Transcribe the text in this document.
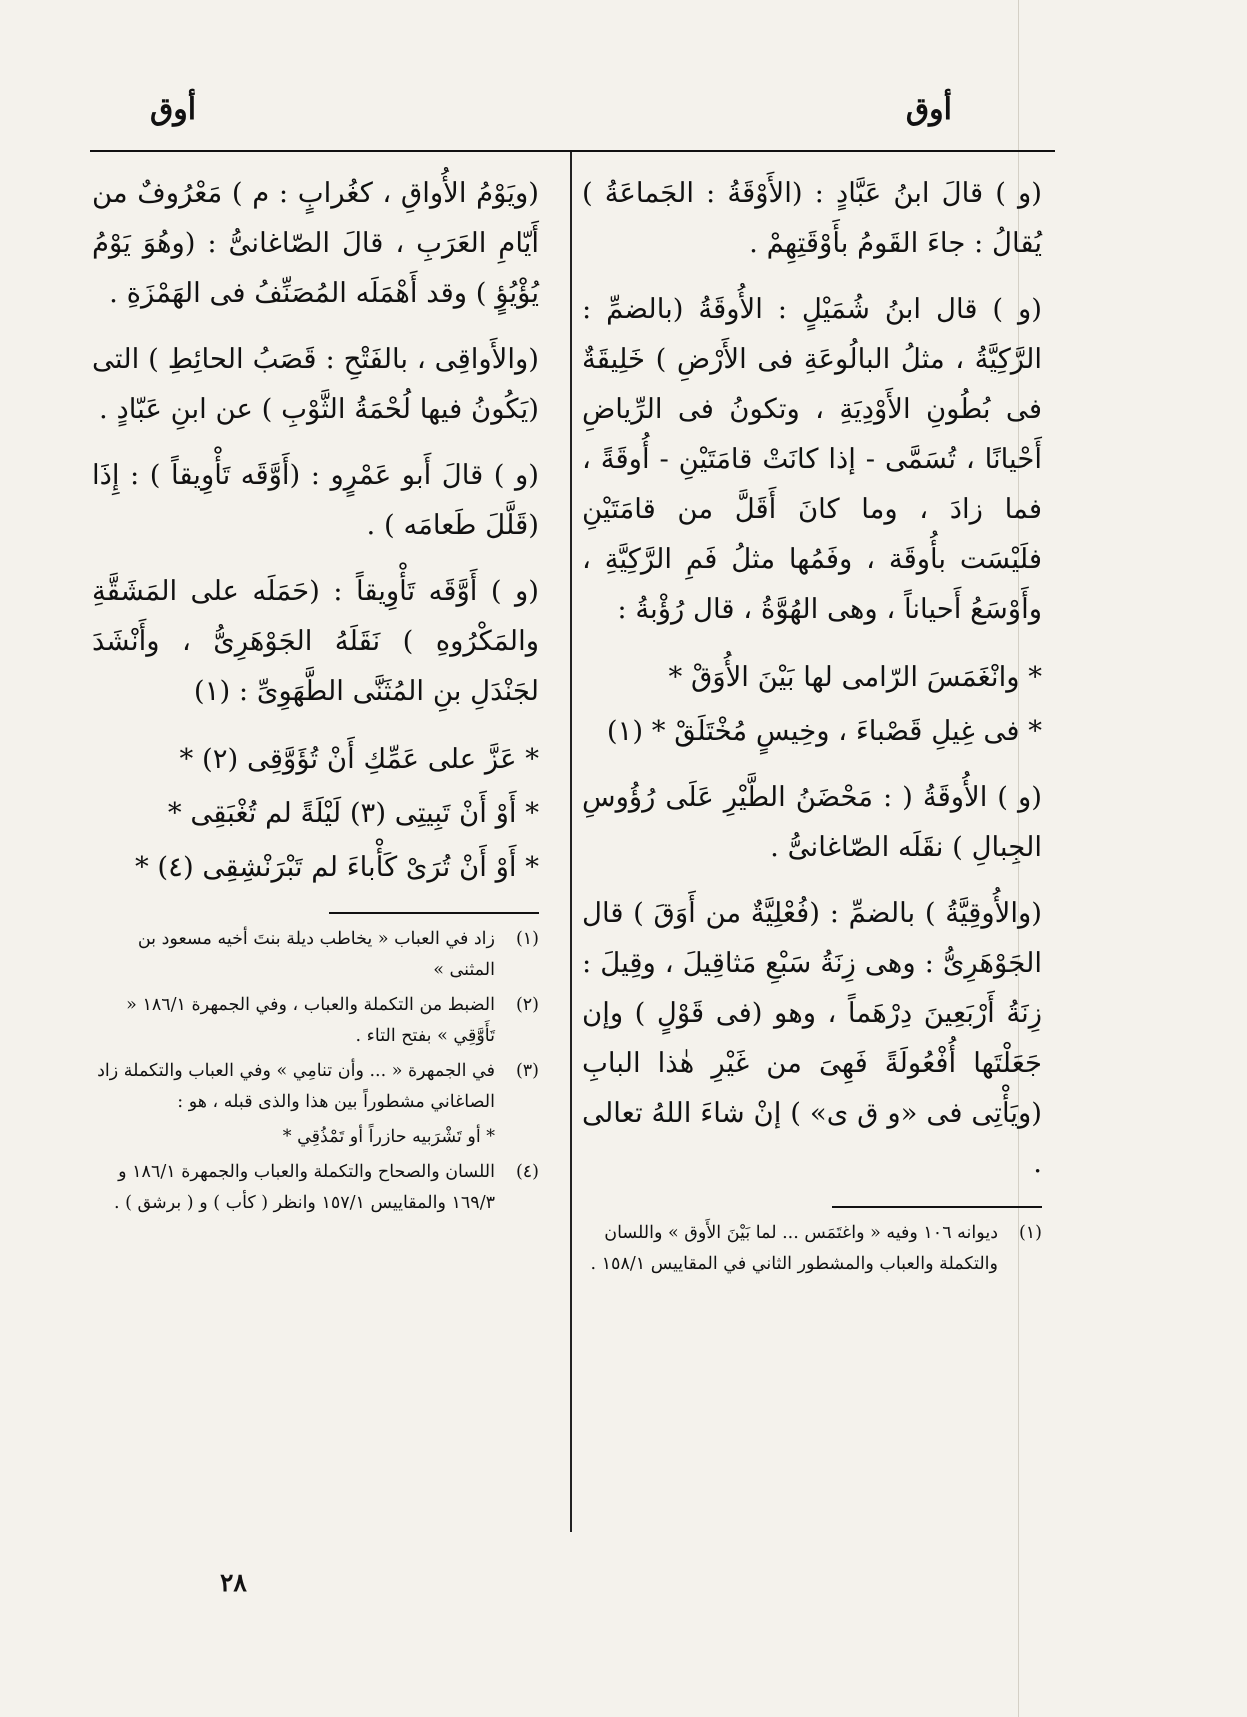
أوق
أوق

(و ) قالَ ابنُ عَبَّادٍ : (الأَوْقَةُ : الجَماعَةُ ) يُقالُ : جاءَ القَومُ بأَوْقَتِهِمْ .

(و ) قال ابنُ شُمَيْلٍ : الأُوقَةُ (بالضمِّ : الرَّكِيَّةُ ، مثلُ البالُوعَةِ فى الأَرْضِ ) خَلِيقَةٌ فى بُطُونِ الأَوْدِيَةِ ، وتكونُ فى الرِّياضِ أَحْيانًا ، تُسَمَّى - إذا كانَتْ قامَتَيْنِ - أُوقَةً ، فما زادَ ، وما كانَ أَقَلَّ من قامَتَيْنِ فلَيْسَت بأُوقَة ، وفَمُها مثلُ فَمِ الرَّكِيَّةِ ، وأَوْسَعُ أَحياناً ، وهى الهُوَّةُ ، قال رُؤْبةُ :

* وانْغَمَسَ الرّامى لها بَيْنَ الأُوَقْ *

* فى غِيلِ قَصْباءَ ، وخِيسٍ مُخْتَلَقْ * (١)

(و ) الأُوقَةُ ( : مَحْضَنُ الطَّيْرِ عَلَى رُؤُوسِ الجِبالِ ) نقَلَه الصّاغانىُّ .

(والأُوقِيَّةُ ) بالضمِّ : (فُعْلِيَّةٌ من أَوَقَ ) قال الجَوْهَرِىُّ : وهى زِنَةُ سَبْعِ مَثاقِيلَ ، وقِيلَ : زِنَةُ أَرْبَعِينَ دِرْهَماً ، وهو (فى قَوْلٍ ) وإن جَعَلْتَها أُفْعُولَةً فَهِىَ من غَيْرِ هٰذا البابِ (ويَأْتِى فى «و ق ى» ) إنْ شاءَ اللهُ تعالى .

(١)
ديوانه ١٠٦ وفيه « واغتَمَس ... لما بَيْنَ الأَوق » واللسان والتكملة والعباب والمشطور الثاني في المقاييس ١٥٨/١ .

(ويَوْمُ الأُواقِ ، كغُرابٍ : م ) مَعْرُوفٌ من أَيّامِ العَرَبِ ، قالَ الصّاغانىُّ : (وهُوَ يَوْمُ يُؤْيُؤٍ ) وقد أَهْمَلَه المُصَنِّفُ فى الهَمْزَةِ .

(والأَواقِى ، بالفَتْحِ : قَصَبُ الحائِطِ ) التى (يَكُونُ فيها لُحْمَةُ الثَّوْبِ ) عن ابنِ عَبّادٍ .

(و ) قالَ أَبو عَمْرٍو : (أَوَّقَه تَأْوِيقاً ) : إِذَا (قَلَّلَ طَعامَه ) .

(و ) أَوَّقَه تَأْوِيقاً : (حَمَلَه على المَشَقَّةِ والمَكْرُوهِ ) نَقَلَهُ الجَوْهَرِىُّ ، وأَنْشَدَ لجَنْدَلِ بنِ المُثَنَّى الطَّهَوِىِّ : (١)

* عَزَّ على عَمِّكِ أَنْ تُؤَوَّقِى (٢) *

* أَوْ أَنْ تَبِيتِى (٣) لَيْلَةً لم تُغْبَقِى *

* أَوْ أَنْ تُرَىْ كَأْباءَ لم تَبْرَنْشِقِى (٤) *

(١)
زاد في العباب « يخاطب ديلة بنتَ أخيه مسعود بن المثنى »
(٢)
الضبط من التكملة والعباب ، وفي الجمهرة ١٨٦/١ « تَأَوَّقِي » بفتح التاء .
(٣)
في الجمهرة « ... وأن تنامِي » وفي العباب والتكملة زاد الصاغاني مشطوراً بين هذا والذى قبله ، هو :

* أو تَشْرَبيه حازراً أو تَمْذُقِي *

(٤)
اللسان والصحاح والتكملة والعباب والجمهرة ١٨٦/١ و ١٦٩/٣ والمقاييس ١٥٧/١ وانظر ( كأب ) و ( برشق ) .
٢٨
